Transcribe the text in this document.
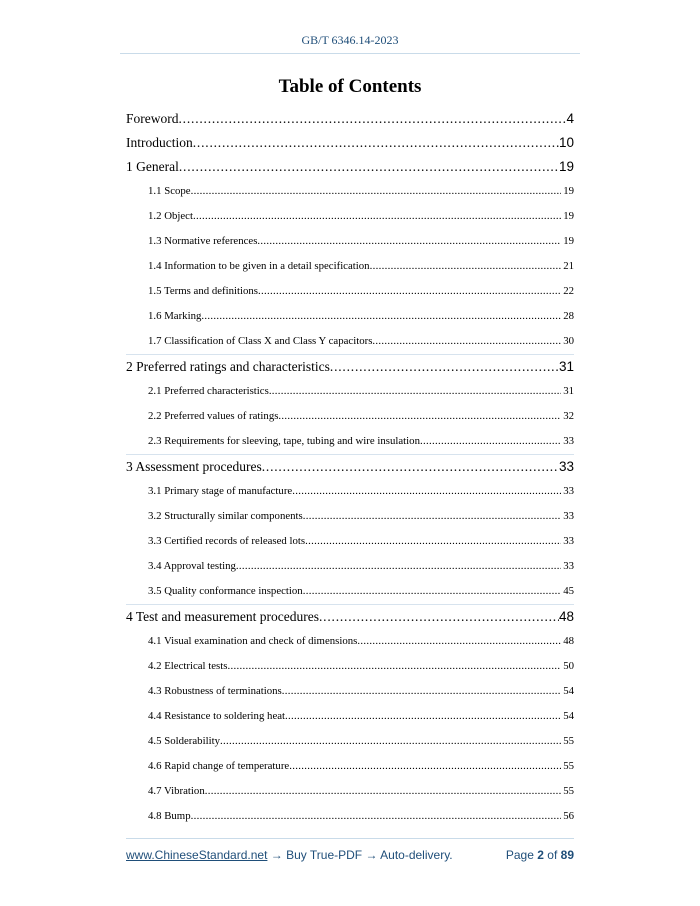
GB/T 6346.14-2023
Table of Contents
Foreword .....	4
Introduction .....	10
1 General .....	19
1.1 Scope .....	19
1.2 Object .....	19
1.3 Normative references .....	19
1.4 Information to be given in a detail specification .....	21
1.5 Terms and definitions .....	22
1.6 Marking .....	28
1.7 Classification of Class X and Class Y capacitors .....	30
2 Preferred ratings and characteristics .....	31
2.1 Preferred characteristics .....	31
2.2 Preferred values of ratings .....	32
2.3 Requirements for sleeving, tape, tubing and wire insulation .....	33
3 Assessment procedures .....	33
3.1 Primary stage of manufacture .....	33
3.2 Structurally similar components .....	33
3.3 Certified records of released lots .....	33
3.4 Approval testing .....	33
3.5 Quality conformance inspection .....	45
4 Test and measurement procedures .....	48
4.1 Visual examination and check of dimensions .....	48
4.2 Electrical tests .....	50
4.3 Robustness of terminations .....	54
4.4 Resistance to soldering heat .....	54
4.5 Solderability .....	55
4.6 Rapid change of temperature .....	55
4.7 Vibration .....	55
4.8 Bump .....	56
www.ChineseStandard.net → Buy True-PDF → Auto-delivery.	Page 2 of 89
